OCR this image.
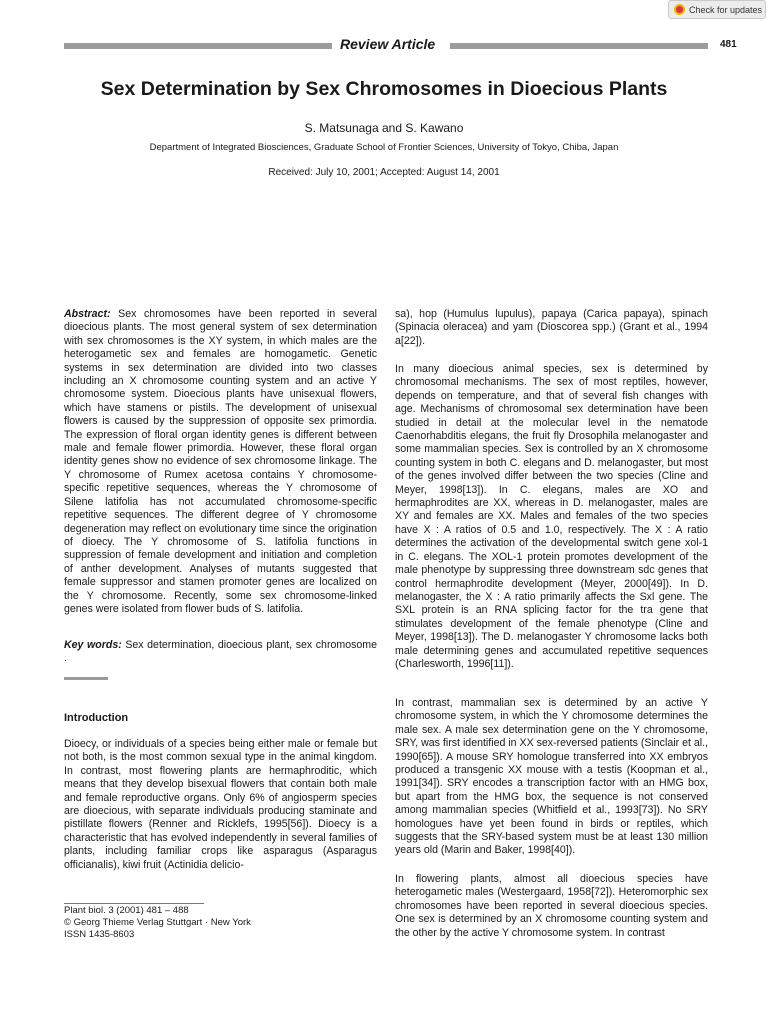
Check for updates
Review Article	481
Sex Determination by Sex Chromosomes in Dioecious Plants
S. Matsunaga and S. Kawano
Department of Integrated Biosciences, Graduate School of Frontier Sciences, University of Tokyo, Chiba, Japan
Received: July 10, 2001; Accepted: August 14, 2001

Abstract: Sex chromosomes have been reported in several dioecious plants. The most general system of sex determination with sex chromosomes is the XY system, in which males are the heterogametic sex and females are homogametic. Genetic systems in sex determination are divided into two classes including an X chromosome counting system and an active Y chromosome system. Dioecious plants have unisexual flowers, which have stamens or pistils. The development of unisexual flowers is caused by the suppression of opposite sex primordia. The expression of floral organ identity genes is different between male and female flower primordia. However, these floral organ identity genes show no evidence of sex chromosome linkage. The Y chromosome of Rumex acetosa contains Y chromosome-specific repetitive sequences, whereas the Y chromosome of Silene latifolia has not accumulated chromosome-specific repetitive sequences. The different degree of Y chromosome degeneration may reflect on evolutionary time since the origination of dioecy. The Y chromosome of S. latifolia functions in suppression of female development and initiation and completion of anther development. Analyses of mutants suggested that female suppressor and stamen promoter genes are localized on the Y chromosome. Recently, some sex chromosome-linked genes were isolated from flower buds of S. latifolia.

Key words: Sex determination, dioecious plant, sex chromosome .

Introduction

Dioecy, or individuals of a species being either male or female but not both, is the most common sexual type in the animal kingdom. In contrast, most flowering plants are hermaphroditic, which means that they develop bisexual flowers that contain both male and female reproductive organs. Only 6% of angiosperm species are dioecious, with separate individuals producing staminate and pistillate flowers (Renner and Ricklefs, 1995[56]). Dioecy is a characteristic that has evolved independently in several families of plants, including familiar crops like asparagus (Asparagus officianalis), kiwi fruit (Actinidia delicio-

sa), hop (Humulus lupulus), papaya (Carica papaya), spinach (Spinacia oleracea) and yam (Dioscorea spp.) (Grant et al., 1994 a[22]).

In many dioecious animal species, sex is determined by chromosomal mechanisms. The sex of most reptiles, however, depends on temperature, and that of several fish changes with age. Mechanisms of chromosomal sex determination have been studied in detail at the molecular level in the nematode Caenorhabditis elegans, the fruit fly Drosophila melanogaster and some mammalian species. Sex is controlled by an X chromosome counting system in both C. elegans and D. melanogaster, but most of the genes involved differ between the two species (Cline and Meyer, 1998[13]). In C. elegans, males are XO and hermaphrodites are XX, whereas in D. melanogaster, males are XY and females are XX. Males and females of the two species have X : A ratios of 0.5 and 1.0, respectively. The X : A ratio determines the activation of the developmental switch gene xol-1 in C. elegans. The XOL-1 protein promotes development of the male phenotype by suppressing three downstream sdc genes that control hermaphrodite development (Meyer, 2000[49]). In D. melanogaster, the X : A ratio primarily affects the Sxl gene. The SXL protein is an RNA splicing factor for the tra gene that stimulates development of the female phenotype (Cline and Meyer, 1998[13]). The D. melanogaster Y chromosome lacks both male determining genes and accumulated repetitive sequences (Charlesworth, 1996[11]).

In contrast, mammalian sex is determined by an active Y chromosome system, in which the Y chromosome determines the male sex. A male sex determination gene on the Y chromosome, SRY, was first identified in XX sex-reversed patients (Sinclair et al., 1990[65]). A mouse SRY homologue transferred into XX embryos produced a transgenic XX mouse with a testis (Koopman et al., 1991[34]). SRY encodes a transcription factor with an HMG box, but apart from the HMG box, the sequence is not conserved among mammalian species (Whitfield et al., 1993[73]). No SRY homologues have yet been found in birds or reptiles, which suggests that the SRY-based system must be at least 130 million years old (Marin and Baker, 1998[40]).

In flowering plants, almost all dioecious species have heterogametic males (Westergaard, 1958[72]). Heteromorphic sex chromosomes have been reported in several dioecious species. One sex is determined by an X chromosome counting system and the other by the active Y chromosome system. In contrast

Plant biol. 3 (2001) 481 – 488
© Georg Thieme Verlag Stuttgart · New York
ISSN 1435-8603
